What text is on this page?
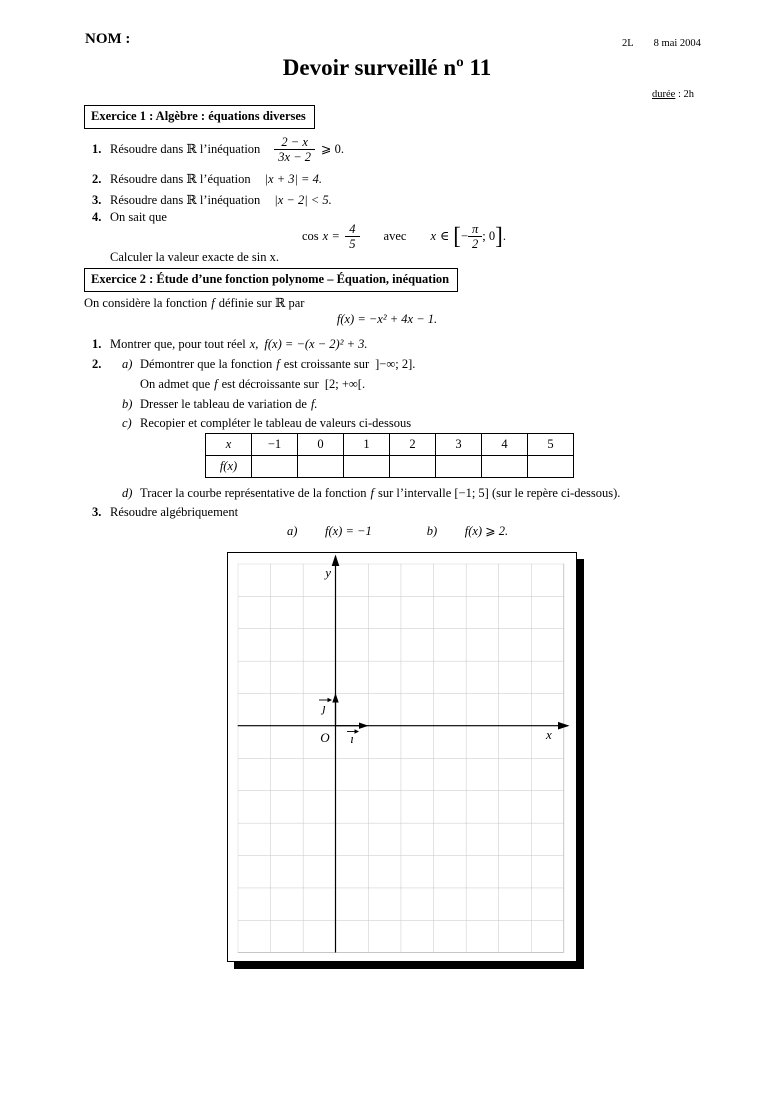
NOM :	2L 8 mai 2004
Devoir surveillé nº 11
durée : 2h
Exercice 1 : Algèbre : équations diverses
1. Résoudre dans ℝ l’inéquation $\frac{2 - x}{3x - 2}$ ⩾ 0.
2. Résoudre dans ℝ l’équation |x + 3| = 4.
3. Résoudre dans ℝ l’inéquation |x − 2| < 5.
4. On sait que
$\cos x = \frac{4}{5}$ avec x ∈ [ − $\frac{\pi}{2}$ ; 0 ] .
Calculer la valeur exacte de sin x.
Exercice 2 : Étude d’une fonction polynome – Équation, inéquation
On considère la fonction f définie sur ℝ par
f(x) = −x² + 4x − 1.
1. Montrer que, pour tout réel x, f(x) = −(x − 2)² + 3.
2.	a) Démontrer que la fonction f est croissante sur ]−∞; 2].
On admet que f est décroissante sur [2; +∞[.
b) Dresser le tableau de variation de f.
c) Recopier et compléter le tableau de valeurs ci-dessous
x	−1	0	1	2	3	4	5
f(x)							
d) Tracer la courbe représentative de la fonction f sur l’intervalle [−1; 5] (sur le repère ci-dessous).
3. Résoudre algébriquement
a)	f(x) = −1	b)	f(x) ⩾ 2.
y
x
O
ȷ
ı
